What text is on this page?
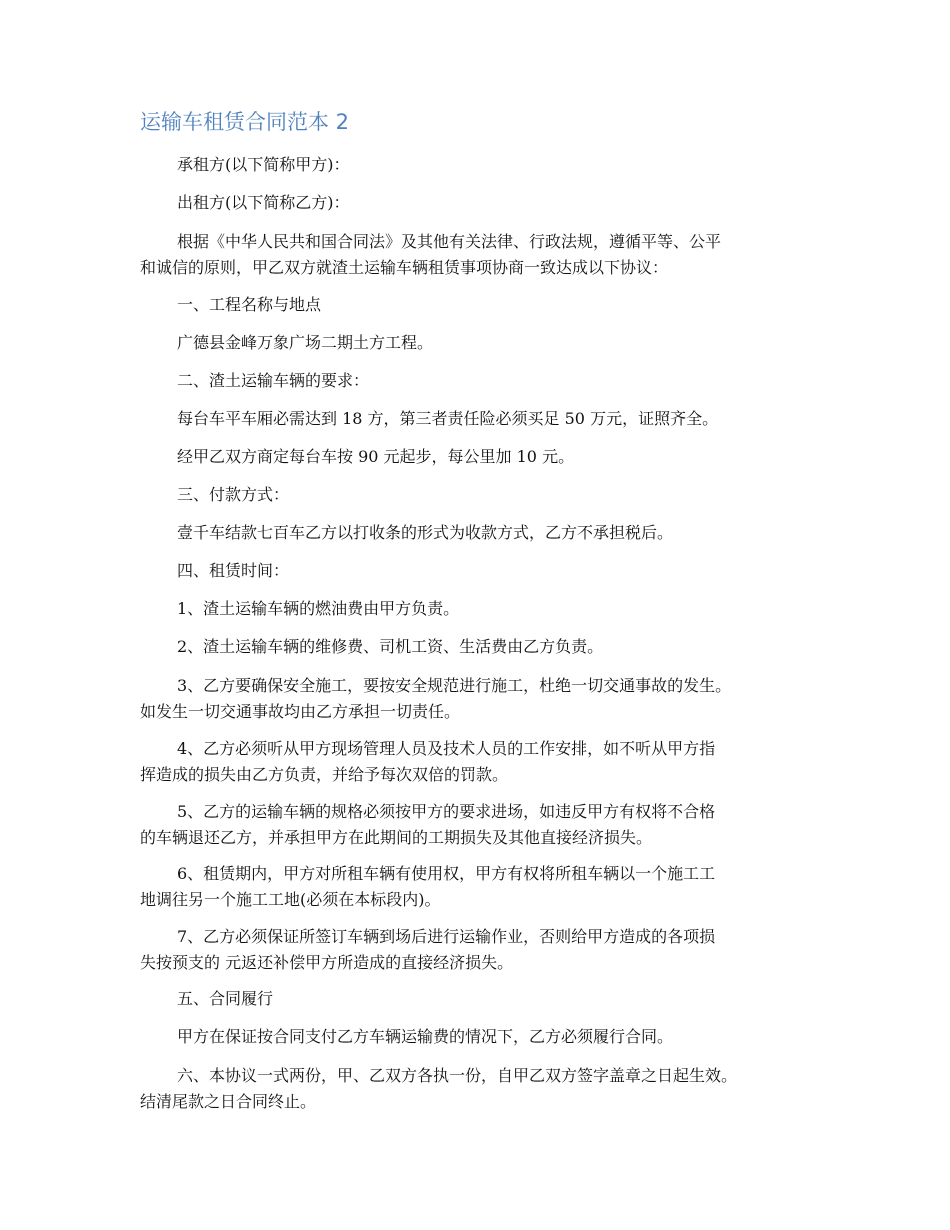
运输车租赁合同范本 2
承租方(以下简称甲方)：
出租方(以下简称乙方)：
根据《中华人民共和国合同法》及其他有关法律、行政法规，遵循平等、公平
和诚信的原则，甲乙双方就渣土运输车辆租赁事项协商一致达成以下协议：
一、工程名称与地点
广德县金峰万象广场二期土方工程。
二、渣土运输车辆的要求：
每台车平车厢必需达到 18 方，第三者责任险必须买足 50 万元，证照齐全。
经甲乙双方商定每台车按 90 元起步，每公里加 10 元。
三、付款方式：
壹千车结款七百车乙方以打收条的形式为收款方式，乙方不承担税后。
四、租赁时间：
1、渣土运输车辆的燃油费由甲方负责。
2、渣土运输车辆的维修费、司机工资、生活费由乙方负责。
3、乙方要确保安全施工，要按安全规范进行施工，杜绝一切交通事故的发生。
如发生一切交通事故均由乙方承担一切责任。
4、乙方必须听从甲方现场管理人员及技术人员的工作安排，如不听从甲方指
挥造成的损失由乙方负责，并给予每次双倍的罚款。
5、乙方的运输车辆的规格必须按甲方的要求进场，如违反甲方有权将不合格
的车辆退还乙方，并承担甲方在此期间的工期损失及其他直接经济损失。
6、租赁期内，甲方对所租车辆有使用权，甲方有权将所租车辆以一个施工工
地调往另一个施工工地(必须在本标段内)。
7、乙方必须保证所签订车辆到场后进行运输作业，否则给甲方造成的各项损
失按预支的 元返还补偿甲方所造成的直接经济损失。
五、合同履行
甲方在保证按合同支付乙方车辆运输费的情况下，乙方必须履行合同。
六、本协议一式两份，甲、乙双方各执一份，自甲乙双方签字盖章之日起生效。
结清尾款之日合同终止。
